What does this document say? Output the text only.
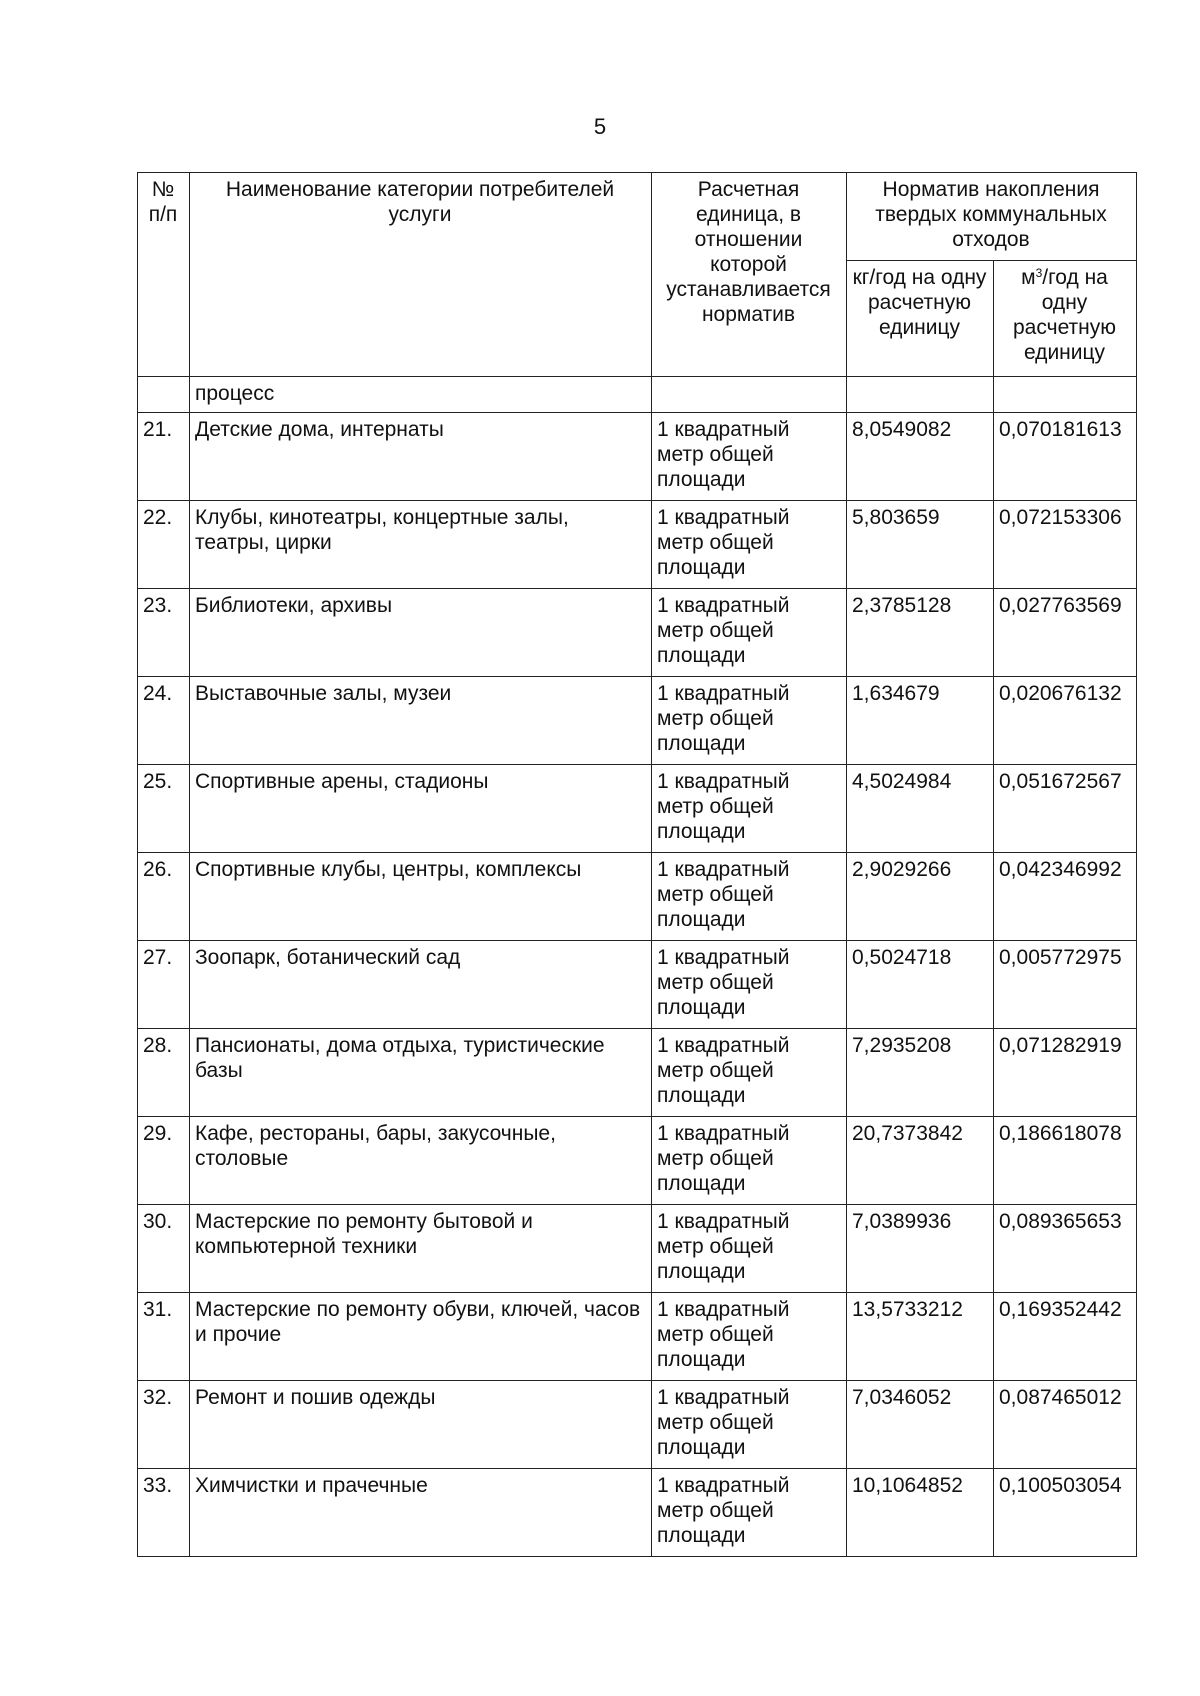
5
№ п/п	Наименование категории потребителей услуги	Расчетная единица, в отношении которой устанавливается норматив	Норматив накопления твердых коммунальных отходов	
			кг/год на одну расчетную единицу	$м^3$/год на одну расчетную единицу
	процесс			
21.	Детские дома, интернаты	1 квадратный метр общей площади	8,0549082	0,070181613
22.	Клубы, кинотеатры, концертные залы, театры, цирки	1 квадратный метр общей площади	5,803659	0,072153306
23.	Библиотеки, архивы	1 квадратный метр общей площади	2,3785128	0,027763569
24.	Выставочные залы, музеи	1 квадратный метр общей площади	1,634679	0,020676132
25.	Спортивные арены, стадионы	1 квадратный метр общей площади	4,5024984	0,051672567
26.	Спортивные клубы, центры, комплексы	1 квадратный метр общей площади	2,9029266	0,042346992
27.	Зоопарк, ботанический сад	1 квадратный метр общей площади	0,5024718	0,005772975
28.	Пансионаты, дома отдыха, туристические базы	1 квадратный метр общей площади	7,2935208	0,071282919
29.	Кафе, рестораны, бары, закусочные, столовые	1 квадратный метр общей площади	20,7373842	0,186618078
30.	Мастерские по ремонту бытовой и компьютерной техники	1 квадратный метр общей площади	7,0389936	0,089365653
31.	Мастерские по ремонту обуви, ключей, часов и прочие	1 квадратный метр общей площади	13,5733212	0,169352442
32.	Ремонт и пошив одежды	1 квадратный метр общей площади	7,0346052	0,087465012
33.	Химчистки и прачечные	1 квадратный метр общей площади	10,1064852	0,100503054
